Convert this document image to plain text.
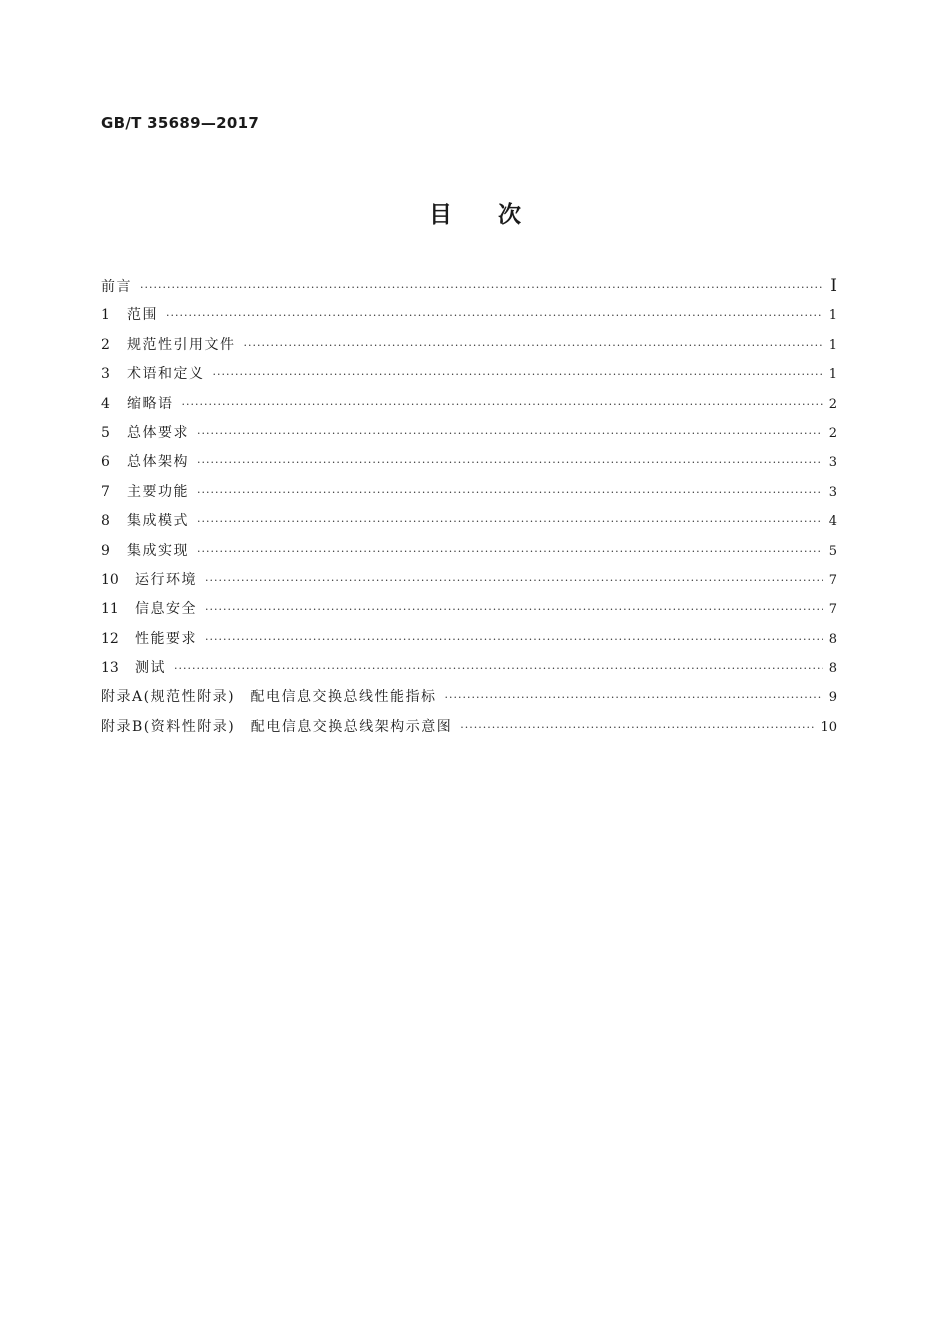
GB/T 35689—2017
目次
前言 ·····	Ⅰ
1	范围 ·····	1
2	规范性引用文件 ·····	1
3	术语和定义 ·····	1
4	缩略语 ·····	2
5	总体要求 ·····	2
6	总体架构 ·····	3
7	主要功能 ·····	3
8	集成模式 ·····	4
9	集成实现 ·····	5
10	运行环境 ·····	7
11	信息安全 ·····	7
12	性能要求 ·····	8
13	测试 ·····	8
附录A(规范性附录)　配电信息交换总线性能指标 ·····	9
附录B(资料性附录)　配电信息交换总线架构示意图 ·····	10
